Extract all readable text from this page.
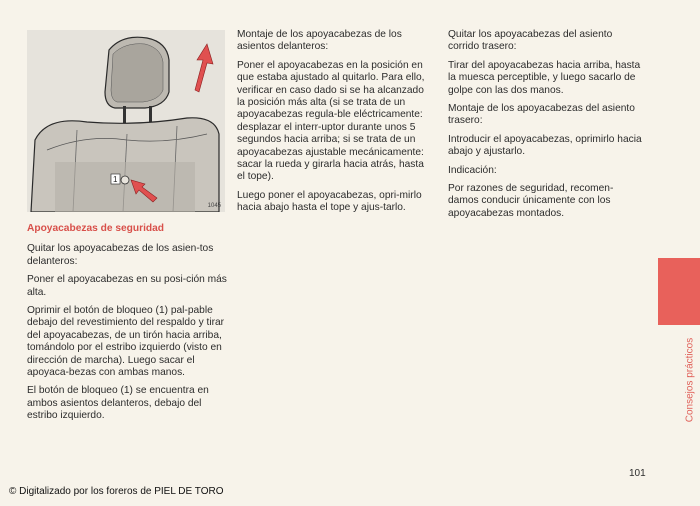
1
1045

Apoyacabezas de seguridad

Quitar los apoyacabezas de los asien-tos delanteros:

Poner el apoyacabezas en su posi-ción más alta.

Oprimir el botón de bloqueo (1) pal-pable debajo del revestimiento del respaldo y tirar del apoyacabezas, de un tirón hacia arriba, tomándolo por el estribo izquierdo (visto en dirección de marcha). Luego sacar el apoyaca-bezas con ambas manos.

El botón de bloqueo (1) se encuentra en ambos asientos delanteros, debajo del estribo izquierdo.

Montaje de los apoyacabezas de los asientos delanteros:

Poner el apoyacabezas en la posición en que estaba ajustado al quitarlo. Para ello, verificar en caso dado si se ha alcanzado la posición más alta (si se trata de un apoyacabezas regula-ble eléctricamente: desplazar el interr-uptor durante unos 5 segundos hacia arriba; si se trata de un apoyacabezas ajustable mecánicamente: sacar la rueda y girarla hacia atrás, hasta el tope).

Luego poner el apoyacabezas, opri-mirlo hacia abajo hasta el tope y ajus-tarlo.

Quitar los apoyacabezas del asiento corrido trasero:

Tirar del apoyacabezas hacia arriba, hasta la muesca perceptible, y luego sacarlo de golpe con las dos manos.

Montaje de los apoyacabezas del asiento trasero:

Introducir el apoyacabezas, oprimirlo hacia abajo y ajustarlo.

Indicación:

Por razones de seguridad, recomen-damos conducir únicamente con los apoyacabezas montados.

Consejos prácticos
101
© Digitalizado por los foreros de PIEL DE TORO
